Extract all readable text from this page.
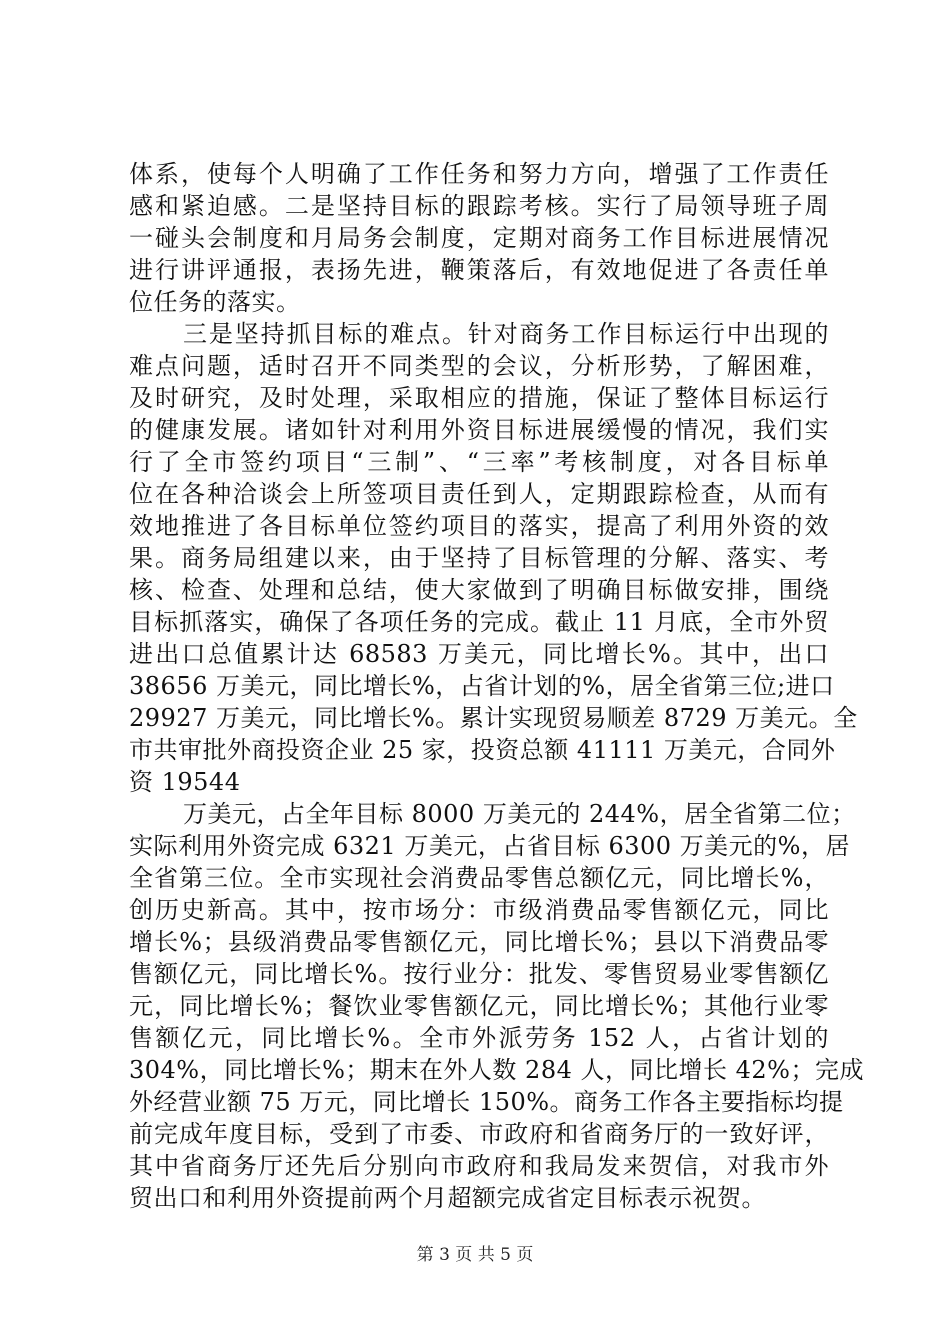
体系，使每个人明确了工作任务和努力方向，增强了工作责任
感和紧迫感。二是坚持目标的跟踪考核。实行了局领导班子周
一碰头会制度和月局务会制度，定期对商务工作目标进展情况
进行讲评通报，表扬先进，鞭策落后，有效地促进了各责任单
位任务的落实。
三是坚持抓目标的难点。针对商务工作目标运行中出现的
难点问题，适时召开不同类型的会议，分析形势，了解困难，
及时研究，及时处理，采取相应的措施，保证了整体目标运行
的健康发展。诸如针对利用外资目标进展缓慢的情况，我们实
行了全市签约项目“三制”、“三率”考核制度，对各目标单
位在各种洽谈会上所签项目责任到人，定期跟踪检查，从而有
效地推进了各目标单位签约项目的落实，提高了利用外资的效
果。商务局组建以来，由于坚持了目标管理的分解、落实、考
核、检查、处理和总结，使大家做到了明确目标做安排，围绕
目标抓落实，确保了各项任务的完成。截止 11 月底，全市外贸
进出口总值累计达 68583 万美元，同比增长%。其中，出口
38656 万美元，同比增长%，占省计划的%，居全省第三位;进口
29927 万美元，同比增长%。累计实现贸易顺差 8729 万美元。全
市共审批外商投资企业 25 家，投资总额 41111 万美元，合同外
资 19544
万美元，占全年目标 8000 万美元的 244%，居全省第二位；
实际利用外资完成 6321 万美元，占省目标 6300 万美元的%，居
全省第三位。全市实现社会消费品零售总额亿元，同比增长%，
创历史新高。其中，按市场分：市级消费品零售额亿元，同比
增长%；县级消费品零售额亿元，同比增长%；县以下消费品零
售额亿元，同比增长%。按行业分：批发、零售贸易业零售额亿
元，同比增长%；餐饮业零售额亿元，同比增长%；其他行业零
售额亿元，同比增长%。全市外派劳务 152 人，占省计划的
304%，同比增长%；期末在外人数 284 人，同比增长 42%；完成
外经营业额 75 万元，同比增长 150%。商务工作各主要指标均提
前完成年度目标，受到了市委、市政府和省商务厅的一致好评，
其中省商务厅还先后分别向市政府和我局发来贺信，对我市外
贸出口和利用外资提前两个月超额完成省定目标表示祝贺。
第 3 页 共 5 页
